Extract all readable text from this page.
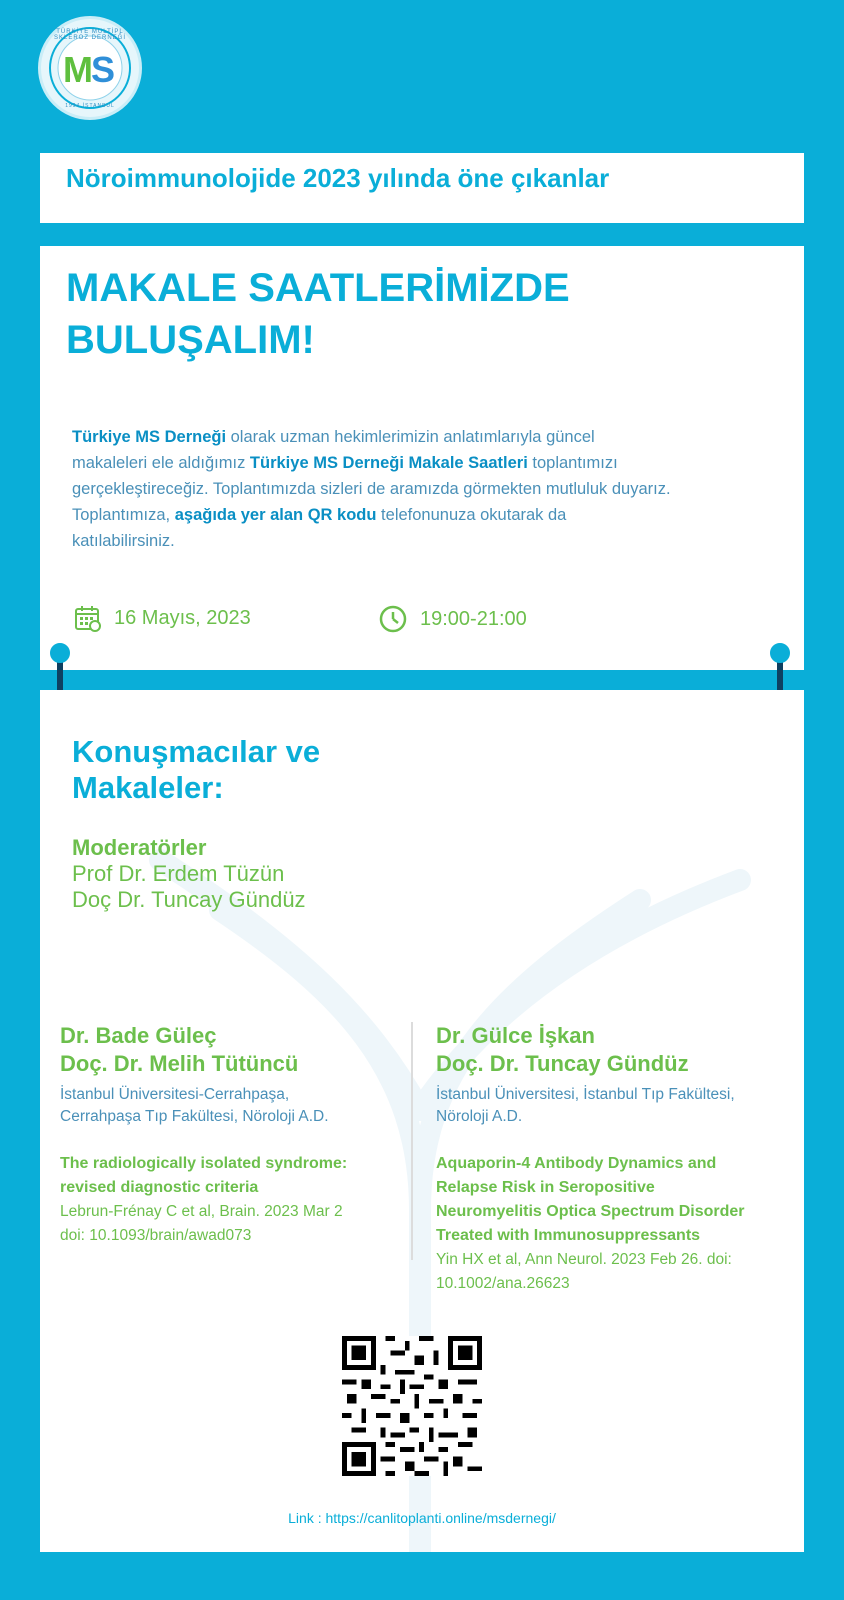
TÜRKİYE MULTİPL SKLEROZ DERNEĞİ
MS
1994 İSTANBUL
Nöroimmunolojide 2023 yılında öne çıkanlar
MAKALE SAATLERİMİZDE BULUŞALIM!
Türkiye MS Derneği olarak uzman hekimlerimizin anlatımlarıyla güncel makaleleri ele aldığımız Türkiye MS Derneği Makale Saatleri toplantımızı gerçekleştireceğiz. Toplantımızda sizleri de aramızda görmekten mutluluk duyarız. Toplantımıza, aşağıda yer alan QR kodu telefonunuza okutarak da katılabilirsiniz.
16 Mayıs, 2023	19:00-21:00
Konuşmacılar ve
Makaleler:
Moderatörler
Prof Dr. Erdem Tüzün
Doç Dr. Tuncay Gündüz
Dr. Bade Güleç
Doç. Dr. Melih Tütüncü
İstanbul Üniversitesi-Cerrahpaşa,
Cerrahpaşa Tıp Fakültesi, Nöroloji A.D.
The radiologically isolated syndrome:
revised diagnostic criteria
Lebrun-Frénay C et al, Brain. 2023 Mar 2
doi: 10.1093/brain/awad073
Dr. Gülce İşkan
Doç. Dr. Tuncay Gündüz
İstanbul Üniversitesi, İstanbul Tıp Fakültesi,
Nöroloji A.D.
Aquaporin-4 Antibody Dynamics and
Relapse Risk in Seropositive
Neuromyelitis Optica Spectrum Disorder
Treated with Immunosuppressants
Yin HX et al, Ann Neurol. 2023 Feb 26. doi:
10.1002/ana.26623
Link : https://canlitoplanti.online/msdernegi/
